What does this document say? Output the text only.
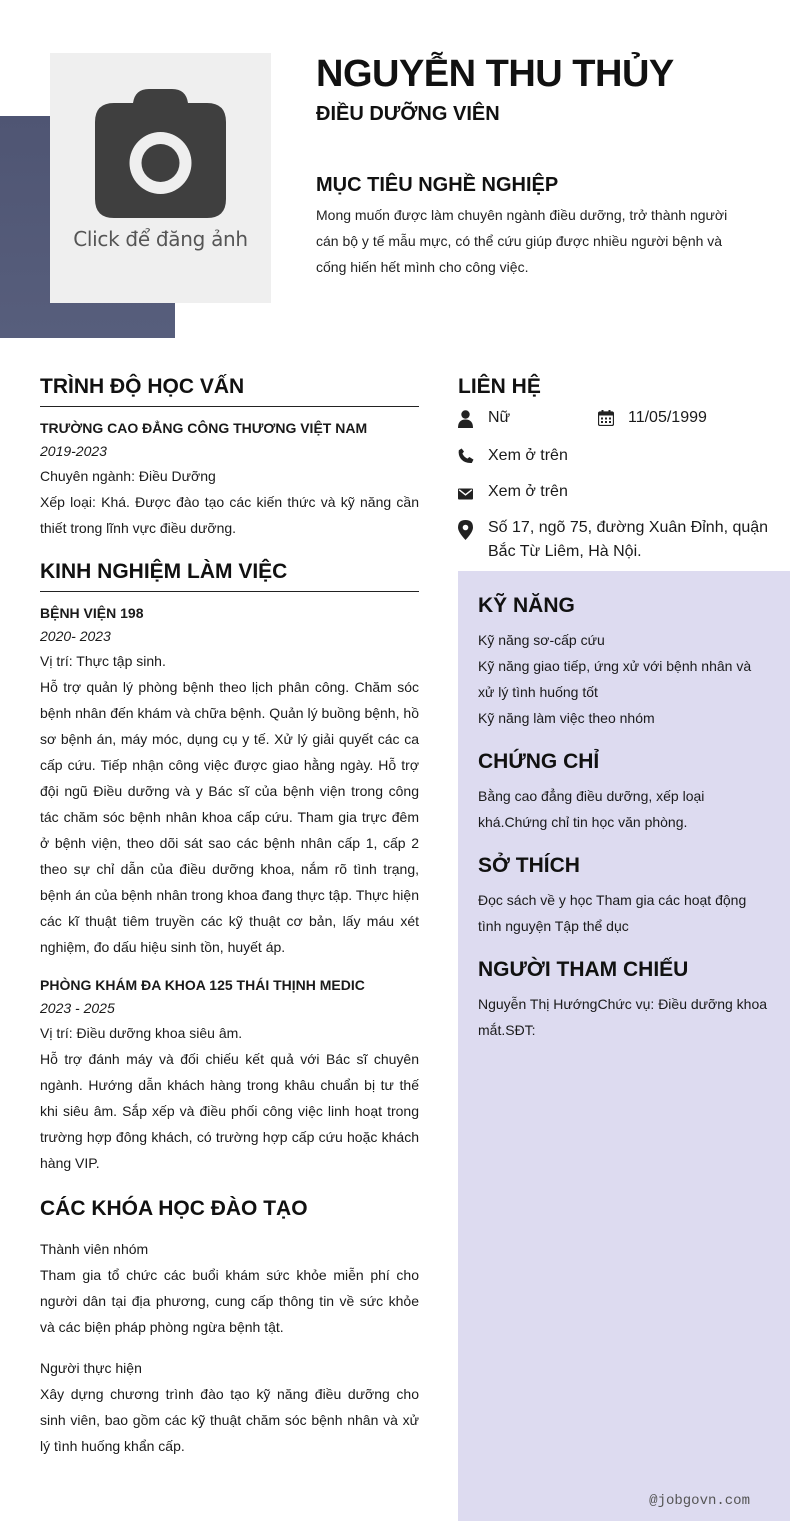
Click để đăng ảnh
NGUYỄN THU THỦY
ĐIỀU DƯỠNG VIÊN
MỤC TIÊU NGHỀ NGHIỆP

Mong muốn được làm chuyên ngành điều dưỡng, trở thành người cán bộ y tế mẫu mực, có thể cứu giúp được nhiều người bệnh và cống hiến hết mình cho công việc.

TRÌNH ĐỘ HỌC VẤN

TRƯỜNG CAO ĐẲNG CÔNG THƯƠNG VIỆT NAM

2019-2023

Chuyên ngành: Điều Dưỡng

Xếp loại: Khá. Được đào tạo các kiến thức và kỹ năng cần thiết trong lĩnh vực điều dưỡng.

KINH NGHIỆM LÀM VIỆC

BỆNH VIỆN 198

2020- 2023

Vị trí: Thực tập sinh.

Hỗ trợ quản lý phòng bệnh theo lịch phân công. Chăm sóc bệnh nhân đến khám và chữa bệnh. Quản lý buồng bệnh, hồ sơ bệnh án, máy móc, dụng cụ y tế. Xử lý giải quyết các ca cấp cứu. Tiếp nhận công việc được giao hằng ngày. Hỗ trợ đội ngũ Điều dưỡng và y Bác sĩ của bệnh viện trong công tác chăm sóc bệnh nhân khoa cấp cứu. Tham gia trực đêm ở bệnh viện, theo dõi sát sao các bệnh nhân cấp 1, cấp 2 theo sự chỉ dẫn của điều dưỡng khoa, nắm rõ tình trạng, bệnh án của bệnh nhân trong khoa đang thực tập. Thực hiện các kĩ thuật tiêm truyền các kỹ thuật cơ bản, lấy máu xét nghiệm, đo dấu hiệu sinh tồn, huyết áp.

PHÒNG KHÁM ĐA KHOA 125 THÁI THỊNH MEDIC

2023 - 2025

Vị trí: Điều dưỡng khoa siêu âm.

Hỗ trợ đánh máy và đối chiếu kết quả với Bác sĩ chuyên ngành. Hướng dẫn khách hàng trong khâu chuẩn bị tư thế khi siêu âm. Sắp xếp và điều phối công việc linh hoạt trong trường hợp đông khách, có trường hợp cấp cứu hoặc khách hàng VIP.

CÁC KHÓA HỌC ĐÀO TẠO

Thành viên nhóm

Tham gia tổ chức các buổi khám sức khỏe miễn phí cho người dân tại địa phương, cung cấp thông tin về sức khỏe và các biện pháp phòng ngừa bệnh tật.

Người thực hiện

Xây dựng chương trình đào tạo kỹ năng điều dưỡng cho sinh viên, bao gồm các kỹ thuật chăm sóc bệnh nhân và xử lý tình huống khẩn cấp.

LIÊN HỆ
Nữ	11/05/1999
Xem ở trên
Xem ở trên
Số 17, ngõ 75, đường Xuân Đỉnh, quận Bắc Từ Liêm, Hà Nội.
KỸ NĂNG

Kỹ năng sơ-cấp cứu

Kỹ năng giao tiếp, ứng xử với bệnh nhân và xử lý tình huống tốt

Kỹ năng làm việc theo nhóm

CHỨNG CHỈ

Bằng cao đẳng điều dưỡng, xếp loại khá.Chứng chỉ tin học văn phòng.

SỞ THÍCH

Đọc sách về y học Tham gia các hoạt động tình nguyện Tập thể dục

NGƯỜI THAM CHIẾU

Nguyễn Thị HướngChức vụ: Điều dưỡng khoa mắt.SĐT:

@jobgovn.com
